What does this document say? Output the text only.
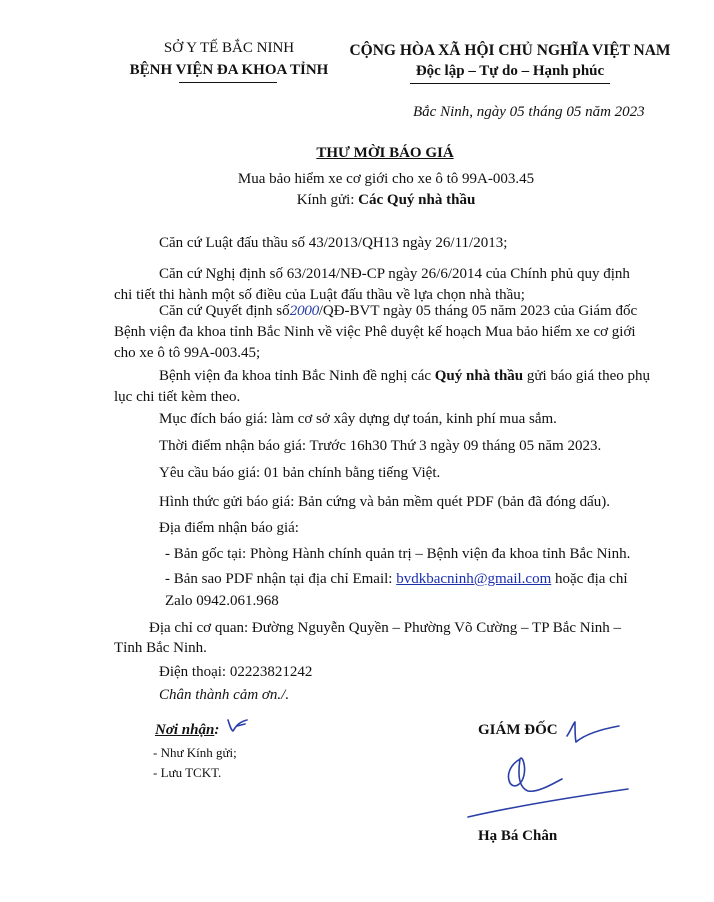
SỞ Y TẾ BẮC NINH
BỆNH VIỆN ĐA KHOA TỈNH
CỘNG HÒA XÃ HỘI CHỦ NGHĨA VIỆT NAM
Độc lập – Tự do – Hạnh phúc
Bắc Ninh, ngày 05 tháng 05 năm 2023
THƯ MỜI BÁO GIÁ
Mua bảo hiểm xe cơ giới cho xe ô tô 99A-003.45
Kính gửi: Các Quý nhà thầu
Căn cứ Luật đấu thầu số 43/2013/QH13 ngày 26/11/2013;
Căn cứ Nghị định số 63/2014/NĐ-CP ngày 26/6/2014 của Chính phủ quy định
chi tiết thi hành một số điều của Luật đấu thầu về lựa chọn nhà thầu;
Căn cứ Quyết định số2000/QĐ-BVT ngày 05 tháng 05 năm 2023 của Giám đốc
Bệnh viện đa khoa tỉnh Bắc Ninh về việc Phê duyệt kế hoạch Mua bảo hiểm xe cơ giới
cho xe ô tô 99A-003.45;
Bệnh viện đa khoa tỉnh Bắc Ninh đề nghị các Quý nhà thầu gửi báo giá theo phụ
lục chi tiết kèm theo.
Mục đích báo giá: làm cơ sở xây dựng dự toán, kinh phí mua sắm.
Thời điểm nhận báo giá: Trước 16h30 Thứ 3 ngày 09 tháng 05 năm 2023.
Yêu cầu báo giá: 01 bản chính bằng tiếng Việt.
Hình thức gửi báo giá: Bản cứng và bản mềm quét PDF (bản đã đóng dấu).
Địa điểm nhận báo giá:
- Bản gốc tại: Phòng Hành chính quản trị – Bệnh viện đa khoa tỉnh Bắc Ninh.
- Bản sao PDF nhận tại địa chỉ Email: bvdkbacninh@gmail.com hoặc địa chỉ
Zalo 0942.061.968
Địa chỉ cơ quan: Đường Nguyễn Quyền – Phường Võ Cường – TP Bắc Ninh –
Tỉnh Bắc Ninh.
Điện thoại: 02223821242
Chân thành cảm ơn./.
Nơi nhận:
- Như Kính gửi;
- Lưu TCKT.
GIÁM ĐỐC
Hạ Bá Chân
